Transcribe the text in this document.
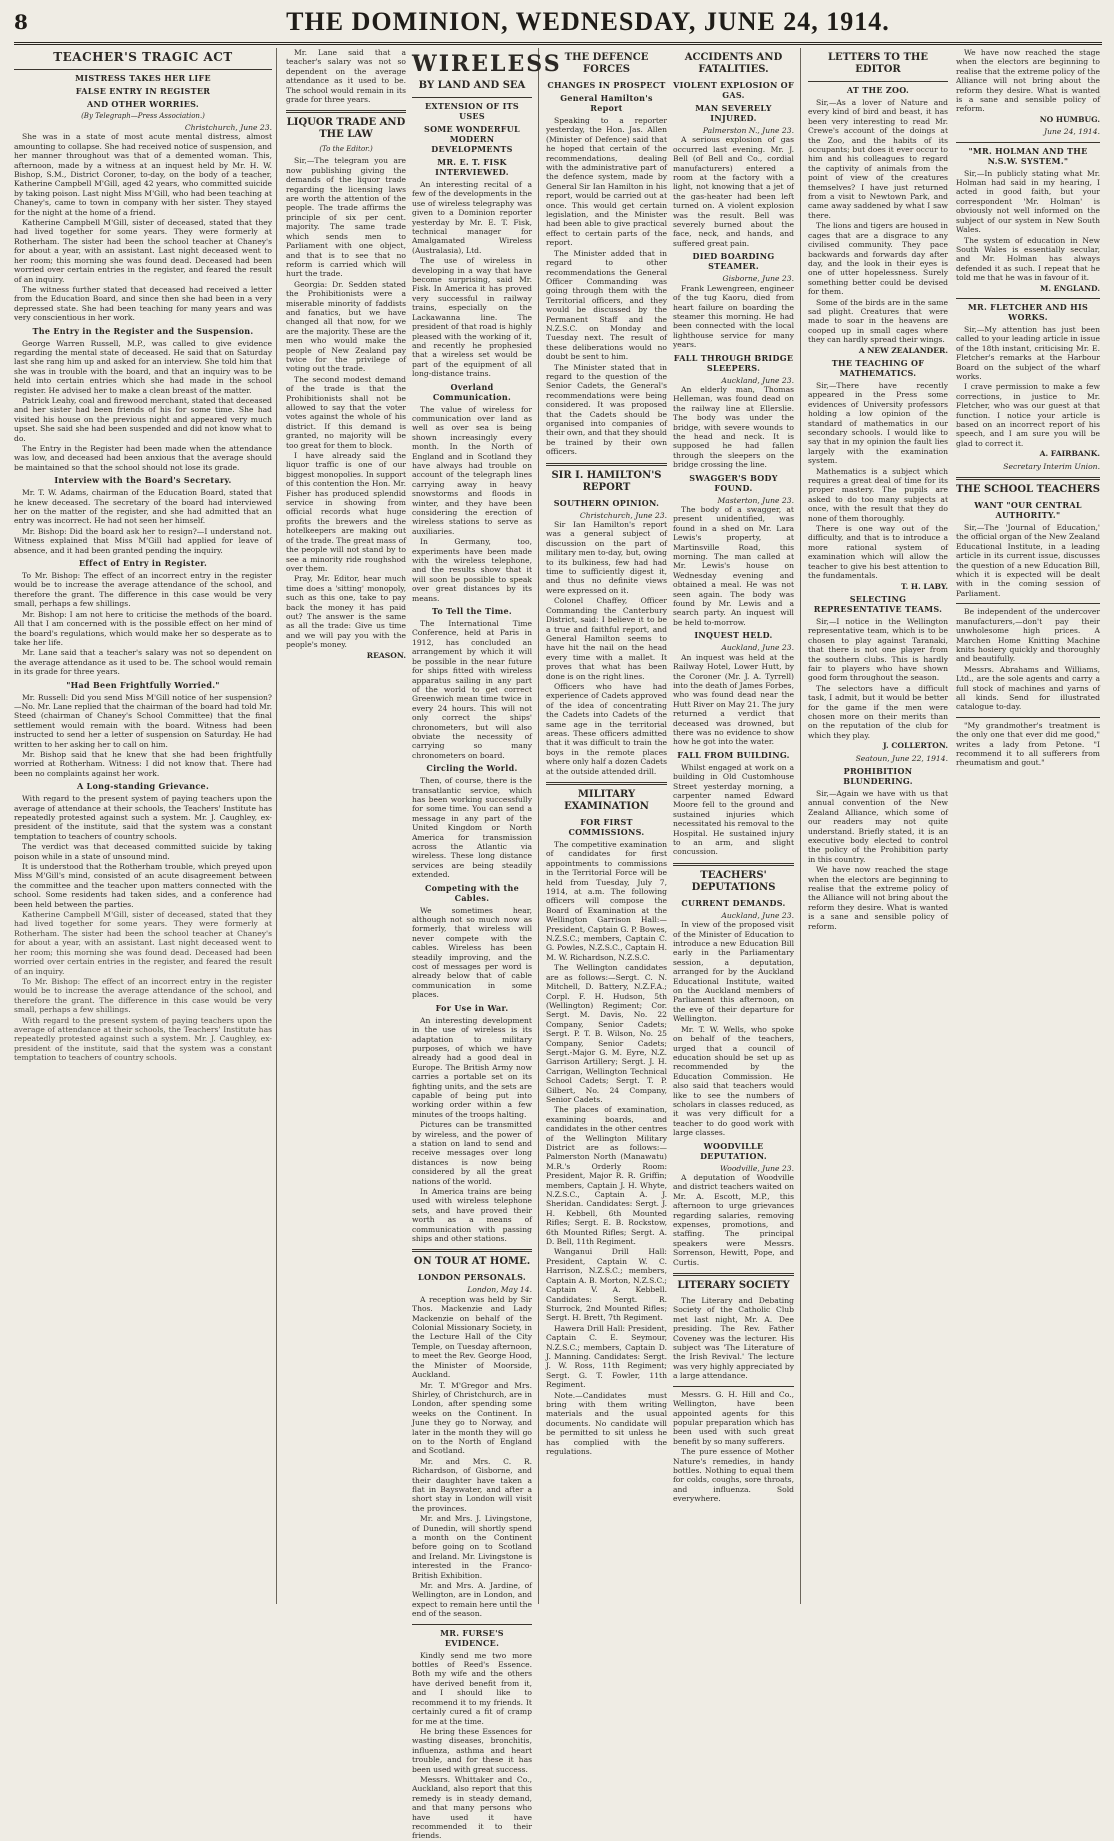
8	THE DOMINION, WEDNESDAY, JUNE 24, 1914.
TEACHER'S TRAGIC ACT
MISTRESS TAKES HER LIFE
FALSE ENTRY IN REGISTER
AND OTHER WORRIES.
(By Telegraph—Press Association.)
Christchurch, June 23.

She was in a state of most acute mental distress, almost amounting to collapse. She had received notice of suspension, and her manner throughout was that of a demented woman. This, afternoon, made by a witness at an inquest held by Mr. H. W. Bishop, S.M., District Coroner, to-day, on the body of a teacher, Katherine Campbell M'Gill, aged 42 years, who committed suicide by taking poison. Last night Miss M'Gill, who had been teaching at Chaney's, came to town in company with her sister. They stayed for the night at the home of a friend.

Katherine Campbell M'Gill, sister of deceased, stated that they had lived together for some years. They were formerly at Rotherham. The sister had been the school teacher at Chaney's for about a year, with an assistant. Last night deceased went to her room; this morning she was found dead. Deceased had been worried over certain entries in the register, and feared the result of an inquiry.

The witness further stated that deceased had received a letter from the Education Board, and since then she had been in a very depressed state. She had been teaching for many years and was very conscientious in her work.

The Entry in the Register and the Suspension.

George Warren Russell, M.P., was called to give evidence regarding the mental state of deceased. He said that on Saturday last she rang him up and asked for an interview. She told him that she was in trouble with the board, and that an inquiry was to be held into certain entries which she had made in the school register. He advised her to make a clean breast of the matter.

Patrick Leahy, coal and firewood merchant, stated that deceased and her sister had been friends of his for some time. She had visited his house on the previous night and appeared very much upset. She said she had been suspended and did not know what to do.

The Entry in the Register had been made when the attendance was low, and deceased had been anxious that the average should be maintained so that the school should not lose its grade.

Interview with the Board's Secretary.

Mr. T. W. Adams, chairman of the Education Board, stated that he knew deceased. The secretary of the board had interviewed her on the matter of the register, and she had admitted that an entry was incorrect. He had not seen her himself.

Mr. Bishop: Did the board ask her to resign?—I understand not. Witness explained that Miss M'Gill had applied for leave of absence, and it had been granted pending the inquiry.

Effect of Entry in Register.

To Mr. Bishop: The effect of an incorrect entry in the register would be to increase the average attendance of the school, and therefore the grant. The difference in this case would be very small, perhaps a few shillings.

Mr. Bishop: I am not here to criticise the methods of the board. All that I am concerned with is the possible effect on her mind of the board's regulations, which would make her so desperate as to take her life.

Mr. Lane said that a teacher's salary was not so dependent on the average attendance as it used to be. The school would remain in its grade for three years.

"Had Been Frightfully Worried."

Mr. Russell: Did you send Miss M'Gill notice of her suspension?—No. Mr. Lane replied that the chairman of the board had told Mr. Steed (chairman of Chaney's School Committee) that the final settlement would remain with the board. Witness had been instructed to send her a letter of suspension on Saturday. He had written to her asking her to call on him.

Mr. Bishop said that he knew that she had been frightfully worried at Rotherham. Witness: I did not know that. There had been no complaints against her work.

A Long-standing Grievance.

With regard to the present system of paying teachers upon the average of attendance at their schools, the Teachers' Institute has repeatedly protested against such a system. Mr. J. Caughley, ex-president of the institute, said that the system was a constant temptation to teachers of country schools.

The verdict was that deceased committed suicide by taking poison while in a state of unsound mind.

It is understood that the Rotherham trouble, which preyed upon Miss M'Gill's mind, consisted of an acute disagreement between the committee and the teacher upon matters connected with the school. Some residents had taken sides, and a conference had been held between the parties.

Katherine Campbell M'Gill, sister of deceased, stated that they had lived together for some years. They were formerly at Rotherham. The sister had been the school teacher at Chaney's for about a year, with an assistant. Last night deceased went to her room; this morning she was found dead. Deceased had been worried over certain entries in the register, and feared the result of an inquiry.

To Mr. Bishop: The effect of an incorrect entry in the register would be to increase the average attendance of the school, and therefore the grant. The difference in this case would be very small, perhaps a few shillings.

With regard to the present system of paying teachers upon the average of attendance at their schools, the Teachers' Institute has repeatedly protested against such a system. Mr. J. Caughley, ex-president of the institute, said that the system was a constant temptation to teachers of country schools.

Mr. Lane said that a teacher's salary was not so dependent on the average attendance as it used to be. The school would remain in its grade for three years.

LIQUOR TRADE AND THE LAW
(To the Editor.)

Sir,—The telegram you are now publishing giving the demands of the liquor trade regarding the licensing laws are worth the attention of the people. The trade affirms the principle of six per cent. majority. The same trade which sends men to Parliament with one object, and that is to see that no reform is carried which will hurt the trade.

Georgia: Dr. Sedden stated the Prohibitionists were a miserable minority of faddists and fanatics, but we have changed all that now, for we are the majority. These are the men who would make the people of New Zealand pay twice for the privilege of voting out the trade.

The second modest demand of the trade is that the Prohibitionists shall not be allowed to say that the voter votes against the whole of his district. If this demand is granted, no majority will be too great for them to block.

I have already said the liquor traffic is one of our biggest monopolies. In support of this contention the Hon. Mr. Fisher has produced splendid service in showing from official records what huge profits the brewers and the hotelkeepers are making out of the trade. The great mass of the people will not stand by to see a minority ride roughshod over them.

Pray, Mr. Editor, hear much time does a 'sitting' monopoly, such as this one, take to pay back the money it has paid out? The answer is the same as all the trade: Give us time and we will pay you with the people's money.

REASON.
WIRELESS
BY LAND AND SEA
EXTENSION OF ITS USES
SOME WONDERFUL MODERN DEVELOPMENTS
MR. E. T. FISK INTERVIEWED.

An interesting recital of a few of the developments in the use of wireless telegraphy was given to a Dominion reporter yesterday by Mr. E. T. Fisk, technical manager for Amalgamated Wireless (Australasia), Ltd.

The use of wireless in developing in a way that have become surprising, said Mr. Fisk. In America it has proved very successful in railway trains, especially on the Lackawanna line. The president of that road is highly pleased with the working of it, and recently he prophesied that a wireless set would be part of the equipment of all long-distance trains.

Overland Communication.

The value of wireless for communication over land as well as over sea is being shown increasingly every month. In the North of England and in Scotland they have always had trouble on account of the telegraph lines carrying away in heavy snowstorms and floods in winter, and they have been considering the erection of wireless stations to serve as auxiliaries.

In Germany, too, experiments have been made with the wireless telephone, and the results show that it will soon be possible to speak over great distances by its means.

To Tell the Time.

The International Time Conference, held at Paris in 1912, has concluded an arrangement by which it will be possible in the near future for ships fitted with wireless apparatus sailing in any part of the world to get correct Greenwich mean time twice in every 24 hours. This will not only correct the ships' chronometers, but will also obviate the necessity of carrying so many chronometers on board.

Circling the World.

Then, of course, there is the transatlantic service, which has been working successfully for some time. You can send a message in any part of the United Kingdom or North America for transmission across the Atlantic via wireless. These long distance services are being steadily extended.

Competing with the Cables.

We sometimes hear, although not so much now as formerly, that wireless will never compete with the cables. Wireless has been steadily improving, and the cost of messages per word is already below that of cable communication in some places.

For Use in War.

An interesting development in the use of wireless is its adaptation to military purposes, of which we have already had a good deal in Europe. The British Army now carries a portable set on its fighting units, and the sets are capable of being put into working order within a few minutes of the troops halting.

Pictures can be transmitted by wireless, and the power of a station on land to send and receive messages over long distances is now being considered by all the great nations of the world.

In America trains are being used with wireless telephone sets, and have proved their worth as a means of communication with passing ships and other stations.

ON TOUR AT HOME.
LONDON PERSONALS.
London, May 14.

A reception was held by Sir Thos. Mackenzie and Lady Mackenzie on behalf of the Colonial Missionary Society, in the Lecture Hall of the City Temple, on Tuesday afternoon, to meet the Rev. George Hood, the Minister of Moorside, Auckland.

Mr. T. M'Gregor and Mrs. Shirley, of Christchurch, are in London, after spending some weeks on the Continent. In June they go to Norway, and later in the month they will go on to the North of England and Scotland.

Mr. and Mrs. C. R. Richardson, of Gisborne, and their daughter have taken a flat in Bayswater, and after a short stay in London will visit the provinces.

Mr. and Mrs. J. Livingstone, of Dunedin, will shortly spend a month on the Continent before going on to Scotland and Ireland. Mr. Livingstone is interested in the Franco-British Exhibition.

Mr. and Mrs. A. Jardine, of Wellington, are in London, and expect to remain here until the end of the season.

MR. FURSE'S EVIDENCE.

Kindly send me two more bottles of Reed's Essence. Both my wife and the others have derived benefit from it, and I should like to recommend it to my friends. It certainly cured a fit of cramp for me at the time.

He bring these Essences for wasting diseases, bronchitis, influenza, asthma and heart trouble, and for these it has been used with great success.

Messrs. Whittaker and Co., Auckland, also report that this remedy is in steady demand, and that many persons who have used it have recommended it to their friends.

THE DEFENCE FORCES
CHANGES IN PROSPECT
General Hamilton's Report

Speaking to a reporter yesterday, the Hon. Jas. Allen (Minister of Defence) said that he hoped that certain of the recommendations, dealing with the administrative part of the defence system, made by General Sir Ian Hamilton in his report, would be carried out at once. This would get certain legislation, and the Minister had been able to give practical effect to certain parts of the report.

The Minister added that in regard to other recommendations the General Officer Commanding was going through them with the Territorial officers, and they would be discussed by the Permanent Staff and the N.Z.S.C. on Monday and Tuesday next. The result of these deliberations would no doubt be sent to him.

The Minister stated that in regard to the question of the Senior Cadets, the General's recommendations were being considered. It was proposed that the Cadets should be organised into companies of their own, and that they should be trained by their own officers.

SIR I. HAMILTON'S REPORT
SOUTHERN OPINION.
Christchurch, June 23.

Sir Ian Hamilton's report was a general subject of discussion on the part of military men to-day, but, owing to its bulkiness, few had had time to sufficiently digest it, and thus no definite views were expressed on it.

Colonel Chaffey, Officer Commanding the Canterbury District, said: I believe it to be a true and faithful report, and General Hamilton seems to have hit the nail on the head every time with a mallet. It proves that what has been done is on the right lines.

Officers who have had experience of Cadets approved of the idea of concentrating the Cadets into Cadets of the same age in the territorial areas. These officers admitted that it was difficult to train the boys in the remote places where only half a dozen Cadets at the outside attended drill.

MILITARY EXAMINATION
FOR FIRST COMMISSIONS.

The competitive examination of candidates for first appointments to commissions in the Territorial Force will be held from Tuesday, July 7, 1914, at a.m. The following officers will compose the Board of Examination at the Wellington Garrison Hall:—President, Captain G. P. Bowes, N.Z.S.C.; members, Captain C. G. Powles, N.Z.S.C., Captain H. M. W. Richardson, N.Z.S.C.

The Wellington candidates are as follows:—Sergt. C. N. Mitchell, D. Battery, N.Z.F.A.; Corpl. F. H. Hudson, 5th (Wellington) Regiment; Cor. Sergt. M. Davis, No. 22 Company, Senior Cadets; Sergt. P. T. B. Wilson, No. 25 Company, Senior Cadets; Sergt.-Major G. M. Eyre, N.Z. Garrison Artillery; Sergt. J. H. Carrigan, Wellington Technical School Cadets; Sergt. T. P. Gilbert, No. 24 Company, Senior Cadets.

The places of examination, examining boards, and candidates in the other centres of the Wellington Military District are as follows:—Palmerston North (Manawatu) M.R.'s Orderly Room: President, Major R. R. Griffin; members, Captain J. H. Whyte, N.Z.S.C., Captain A. J. Sheridan. Candidates: Sergt. J. H. Kebbell, 6th Mounted Rifles; Sergt. E. B. Rockstow, 6th Mounted Rifles; Sergt. A. D. Bell, 11th Regiment.

Wanganui Drill Hall: President, Captain W. C. Harrison, N.Z.S.C.; members, Captain A. B. Morton, N.Z.S.C.; Captain V. A. Kebbell. Candidates: Sergt. R. Sturrock, 2nd Mounted Rifles; Sergt. H. Brett, 7th Regiment.

Hawera Drill Hall: President, Captain C. E. Seymour, N.Z.S.C.; members, Captain D. J. Manning. Candidates: Sergt. J. W. Ross, 11th Regiment; Sergt. G. T. Fowler, 11th Regiment.

Note.—Candidates must bring with them writing materials and the usual documents. No candidate will be permitted to sit unless he has complied with the regulations.

ACCIDENTS AND FATALITIES.
VIOLENT EXPLOSION OF GAS.
MAN SEVERELY INJURED.
Palmerston N., June 23.

A serious explosion of gas occurred last evening. Mr. J. Bell (of Bell and Co., cordial manufacturers) entered a room at the factory with a light, not knowing that a jet of the gas-heater had been left turned on. A violent explosion was the result. Bell was severely burned about the face, neck, and hands, and suffered great pain.

DIED BOARDING STEAMER.
Gisborne, June 23.

Frank Lewengreen, engineer of the tug Kaoru, died from heart failure on boarding the steamer this morning. He had been connected with the local lighthouse service for many years.

FALL THROUGH BRIDGE SLEEPERS.
Auckland, June 23.

An elderly man, Thomas Helleman, was found dead on the railway line at Ellerslie. The body was under the bridge, with severe wounds to the head and neck. It is supposed he had fallen through the sleepers on the bridge crossing the line.

SWAGGER'S BODY FOUND.
Masterton, June 23.

The body of a swagger, at present unidentified, was found in a shed on Mr. Lara Lewis's property, at Martinsville Road, this morning. The man called at Mr. Lewis's house on Wednesday evening and obtained a meal. He was not seen again. The body was found by Mr. Lewis and a search party. An inquest will be held to-morrow.

INQUEST HELD.
Auckland, June 23.

An inquest was held at the Railway Hotel, Lower Hutt, by the Coroner (Mr. J. A. Tyrrell) into the death of James Forbes, who was found dead near the Hutt River on May 21. The jury returned a verdict that deceased was drowned, but there was no evidence to show how he got into the water.

FALL FROM BUILDING.

Whilst engaged at work on a building in Old Customhouse Street yesterday morning, a carpenter named Edward Moore fell to the ground and sustained injuries which necessitated his removal to the Hospital. He sustained injury to an arm, and slight concussion.

TEACHERS' DEPUTATIONS
CURRENT DEMANDS.
Auckland, June 23.

In view of the proposed visit of the Minister of Education to introduce a new Education Bill early in the Parliamentary session, a deputation, arranged for by the Auckland Educational Institute, waited on the Auckland members of Parliament this afternoon, on the eve of their departure for Wellington.

Mr. T. W. Wells, who spoke on behalf of the teachers, urged that a council of education should be set up as recommended by the Education Commission. He also said that teachers would like to see the numbers of scholars in classes reduced, as it was very difficult for a teacher to do good work with large classes.

WOODVILLE DEPUTATION.
Woodville, June 23.

A deputation of Woodville and district teachers waited on Mr. A. Escott, M.P., this afternoon to urge grievances regarding salaries, removing expenses, promotions, and staffing. The principal speakers were Messrs. Sorrenson, Hewitt, Pope, and Curtis.

LITERARY SOCIETY

The Literary and Debating Society of the Catholic Club met last night, Mr. A. Dee presiding. The Rev. Father Coveney was the lecturer. His subject was 'The Literature of the Irish Revival.' The lecture was very highly appreciated by a large attendance.

Messrs. G. H. Hill and Co., Wellington, have been appointed agents for this popular preparation which has been used with such great benefit by so many sufferers.

The pure essence of Mother Nature's remedies, in handy bottles. Nothing to equal them for colds, coughs, sore throats, and influenza. Sold everywhere.

LETTERS TO THE EDITOR
AT THE ZOO.

Sir,—As a lover of Nature and every kind of bird and beast, it has been very interesting to read Mr. Crewe's account of the doings at the Zoo, and the habits of its occupants; but does it ever occur to him and his colleagues to regard the captivity of animals from the point of view of the creatures themselves? I have just returned from a visit to Newtown Park, and came away saddened by what I saw there.

The lions and tigers are housed in cages that are a disgrace to any civilised community. They pace backwards and forwards day after day, and the look in their eyes is one of utter hopelessness. Surely something better could be devised for them.

Some of the birds are in the same sad plight. Creatures that were made to soar in the heavens are cooped up in small cages where they can hardly spread their wings.

A NEW ZEALANDER.
THE TEACHING OF MATHEMATICS.

Sir,—There have recently appeared in the Press some evidences of University professors holding a low opinion of the standard of mathematics in our secondary schools. I would like to say that in my opinion the fault lies largely with the examination system.

Mathematics is a subject which requires a great deal of time for its proper mastery. The pupils are asked to do too many subjects at once, with the result that they do none of them thoroughly.

There is one way out of the difficulty, and that is to introduce a more rational system of examination which will allow the teacher to give his best attention to the fundamentals.

T. H. LABY.
SELECTING REPRESENTATIVE TEAMS.

Sir,—I notice in the Wellington representative team, which is to be chosen to play against Taranaki, that there is not one player from the southern clubs. This is hardly fair to players who have shown good form throughout the season.

The selectors have a difficult task, I admit, but it would be better for the game if the men were chosen more on their merits than on the reputation of the club for which they play.

J. COLLERTON.
Seatoun, June 22, 1914.
PROHIBITION BLUNDERING.

Sir,—Again we have with us that annual convention of the New Zealand Alliance, which some of our readers may not quite understand. Briefly stated, it is an executive body elected to control the policy of the Prohibition party in this country.

We have now reached the stage when the electors are beginning to realise that the extreme policy of the Alliance will not bring about the reform they desire. What is wanted is a sane and sensible policy of reform.

We have now reached the stage when the electors are beginning to realise that the extreme policy of the Alliance will not bring about the reform they desire. What is wanted is a sane and sensible policy of reform.

NO HUMBUG.
June 24, 1914.
"MR. HOLMAN AND THE N.S.W. SYSTEM."

Sir,—In publicly stating what Mr. Holman had said in my hearing, I acted in good faith, but your correspondent 'Mr. Holman' is obviously not well informed on the subject of our system in New South Wales.

The system of education in New South Wales is essentially secular, and Mr. Holman has always defended it as such. I repeat that he told me that he was in favour of it.

M. ENGLAND.
MR. FLETCHER AND HIS WORKS.

Sir,—My attention has just been called to your leading article in issue of the 18th instant, criticising Mr. E. Fletcher's remarks at the Harbour Board on the subject of the wharf works.

I crave permission to make a few corrections, in justice to Mr. Fletcher, who was our guest at that function. I notice your article is based on an incorrect report of his speech, and I am sure you will be glad to correct it.

A. FAIRBANK.
Secretary Interim Union.
THE SCHOOL TEACHERS
WANT "OUR CENTRAL AUTHORITY."

Sir,—The 'Journal of Education,' the official organ of the New Zealand Educational Institute, in a leading article in its current issue, discusses the question of a new Education Bill, which it is expected will be dealt with in the coming session of Parliament.

Be independent of the undercover manufacturers,—don't pay their unwholesome high prices. A Marchen Home Knitting Machine knits hosiery quickly and thoroughly and beautifully.

Messrs. Abrahams and Williams, Ltd., are the sole agents and carry a full stock of machines and yarns of all kinds. Send for illustrated catalogue to-day.

"My grandmother's treatment is the only one that ever did me good," writes a lady from Petone. "I recommend it to all sufferers from rheumatism and gout."
